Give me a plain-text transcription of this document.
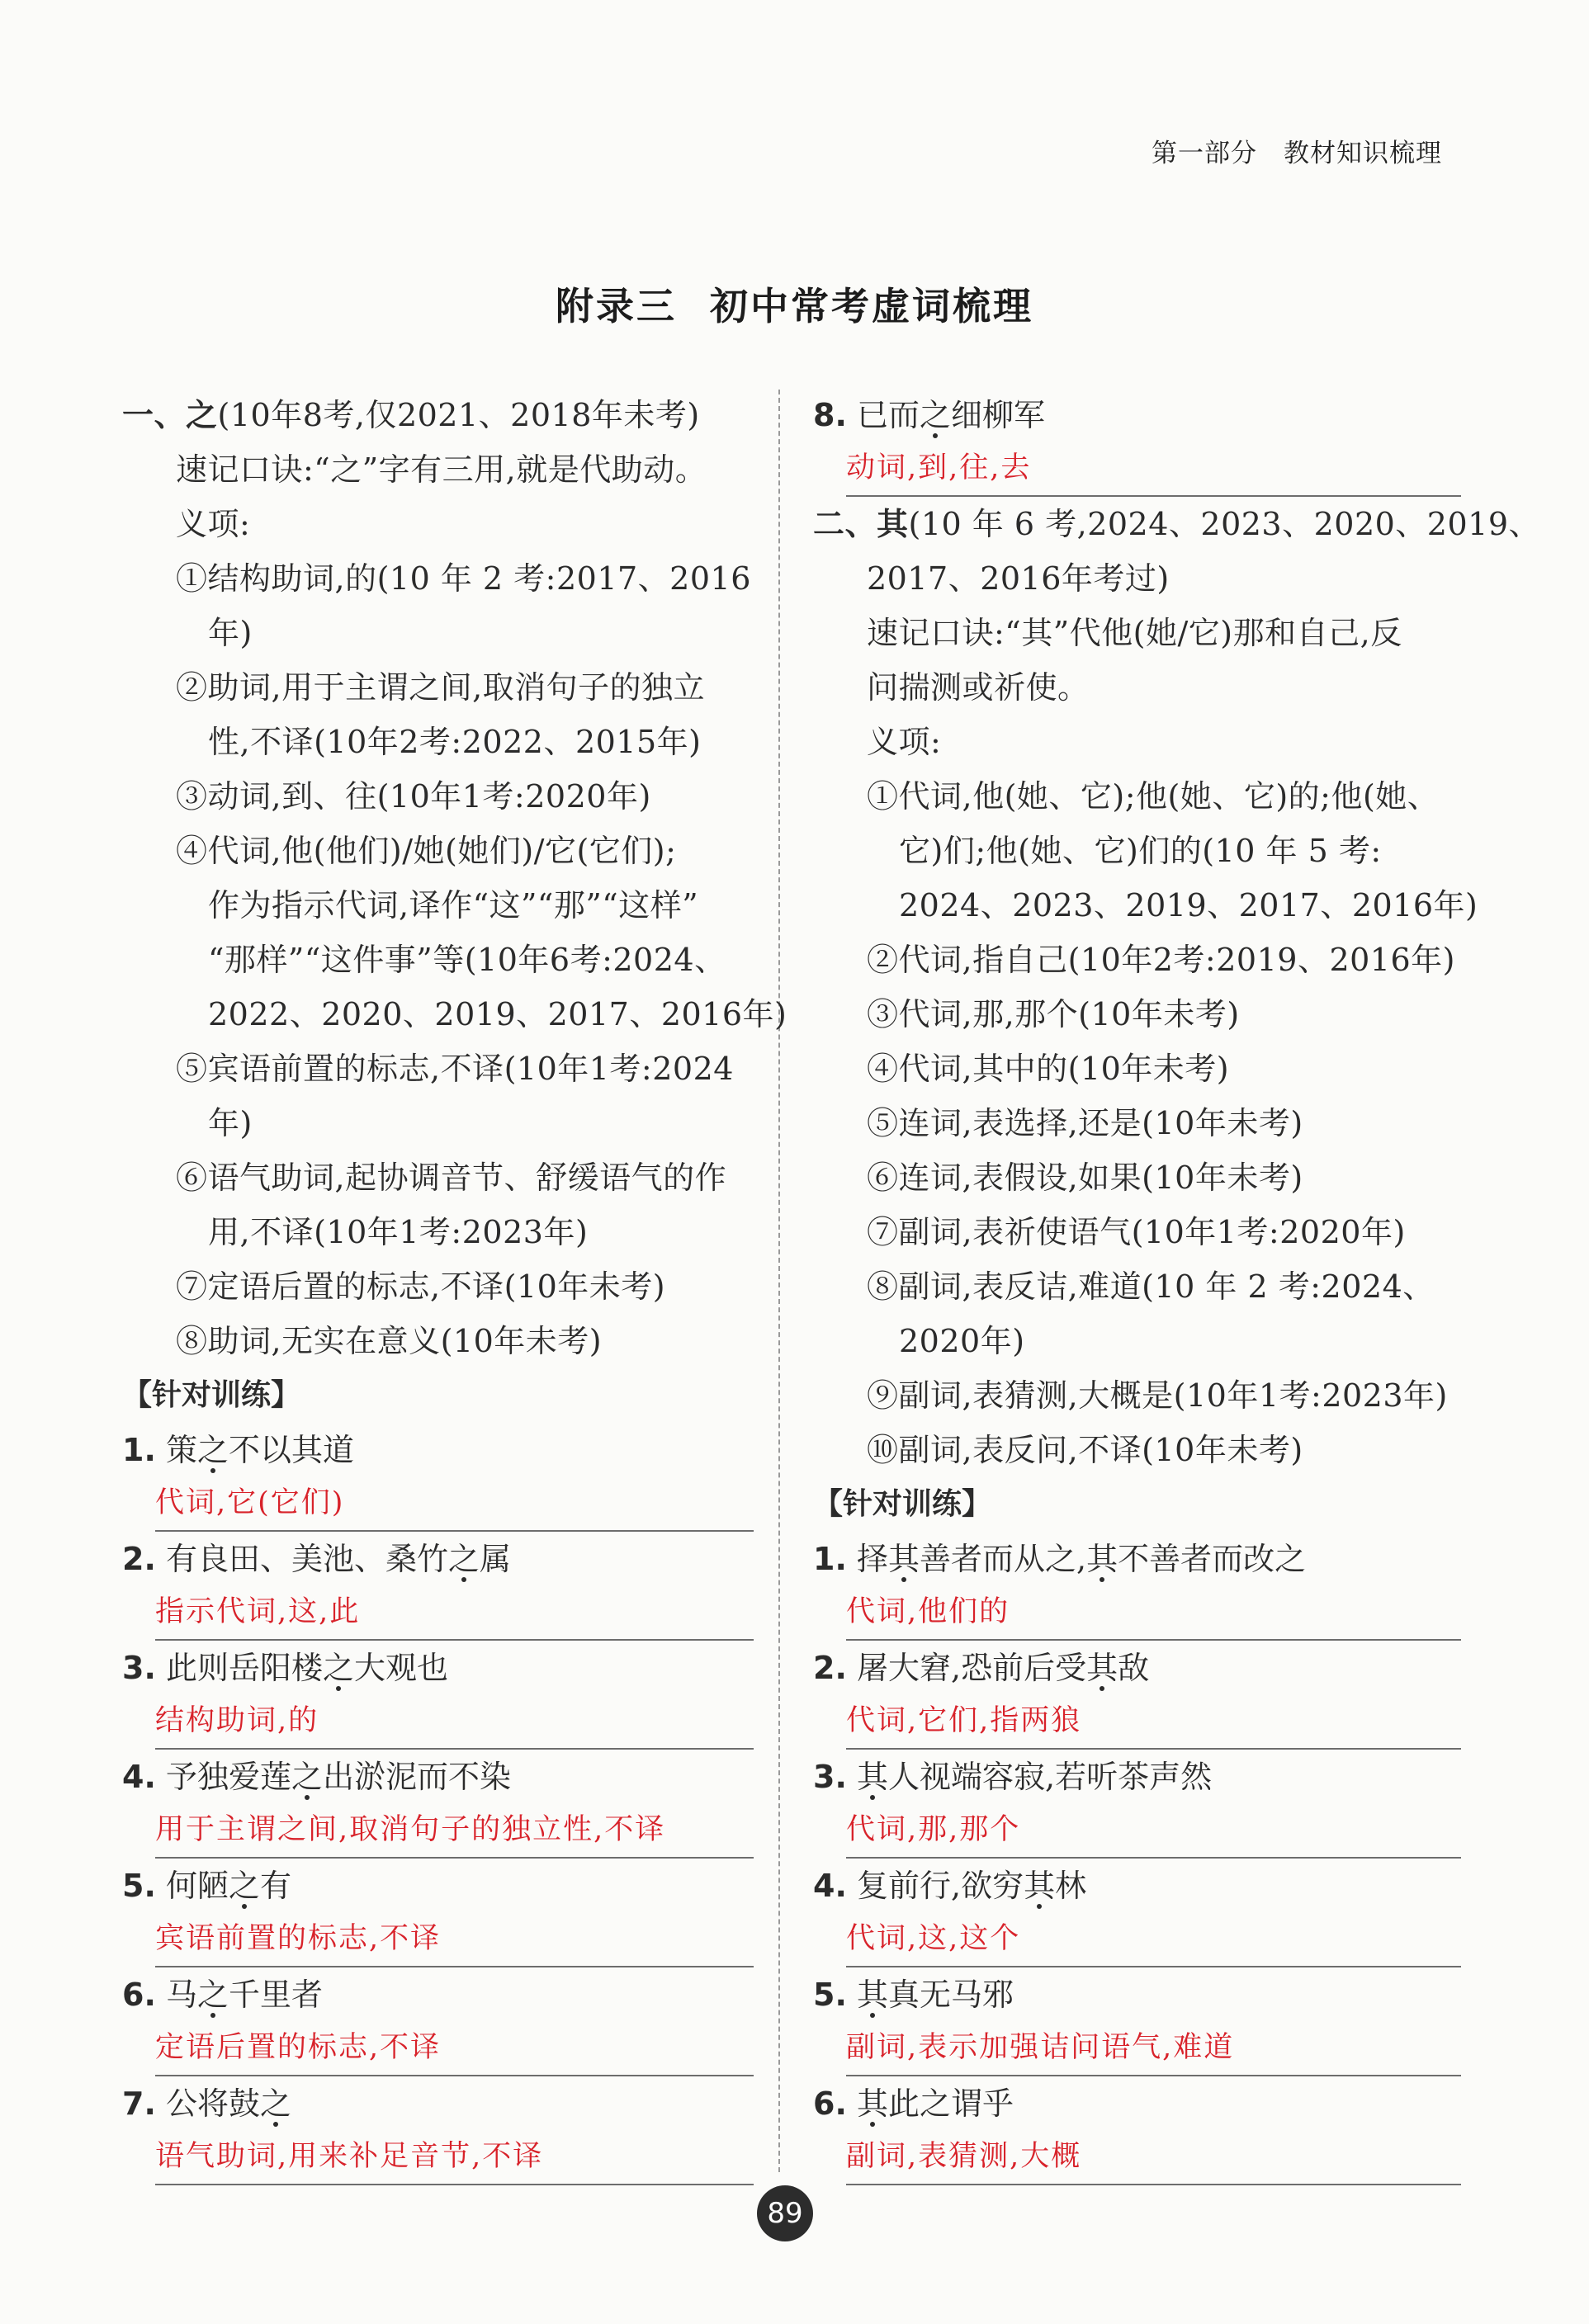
第一部分 教材知识梳理
附录三 初中常考虚词梳理
一、之(10年8考,仅2021、2018年未考)
速记口诀:“之”字有三用,就是代助动。
义项:
①结构助词,的(10 年 2 考:2017、2016
年)
②助词,用于主谓之间,取消句子的独立
性,不译(10年2考:2022、2015年)
③动词,到、往(10年1考:2020年)
④代词,他(他们)/她(她们)/它(它们);
作为指示代词,译作“这”“那”“这样”
“那样”“这件事”等(10年6考:2024、
2022、2020、2019、2017、2016年)
⑤宾语前置的标志,不译(10年1考:2024
年)
⑥语气助词,起协调音节、舒缓语气的作
用,不译(10年1考:2023年)
⑦定语后置的标志,不译(10年未考)
⑧助词,无实在意义(10年未考)
【针对训练】
1. 策之不以其道
代词,它(它们)
2. 有良田、美池、桑竹之属
指示代词,这,此
3. 此则岳阳楼之大观也
结构助词,的
4. 予独爱莲之出淤泥而不染
用于主谓之间,取消句子的独立性,不译
5. 何陋之有
宾语前置的标志,不译
6. 马之千里者
定语后置的标志,不译
7. 公将鼓之
语气助词,用来补足音节,不译
8. 已而之细柳军
动词,到,往,去
二、其(10 年 6 考,2024、2023、2020、2019、
2017、2016年考过)
速记口诀:“其”代他(她/它)那和自己,反
问揣测或祈使。
义项:
①代词,他(她、它);他(她、它)的;他(她、
它)们;他(她、它)们的(10 年 5 考:
2024、2023、2019、2017、2016年)
②代词,指自己(10年2考:2019、2016年)
③代词,那,那个(10年未考)
④代词,其中的(10年未考)
⑤连词,表选择,还是(10年未考)
⑥连词,表假设,如果(10年未考)
⑦副词,表祈使语气(10年1考:2020年)
⑧副词,表反诘,难道(10 年 2 考:2024、
2020年)
⑨副词,表猜测,大概是(10年1考:2023年)
⑩副词,表反问,不译(10年未考)
【针对训练】
1. 择其善者而从之,其不善者而改之
代词,他们的
2. 屠大窘,恐前后受其敌
代词,它们,指两狼
3. 其人视端容寂,若听茶声然
代词,那,那个
4. 复前行,欲穷其林
代词,这,这个
5. 其真无马邪
副词,表示加强诘问语气,难道
6. 其此之谓乎
副词,表猜测,大概
89
